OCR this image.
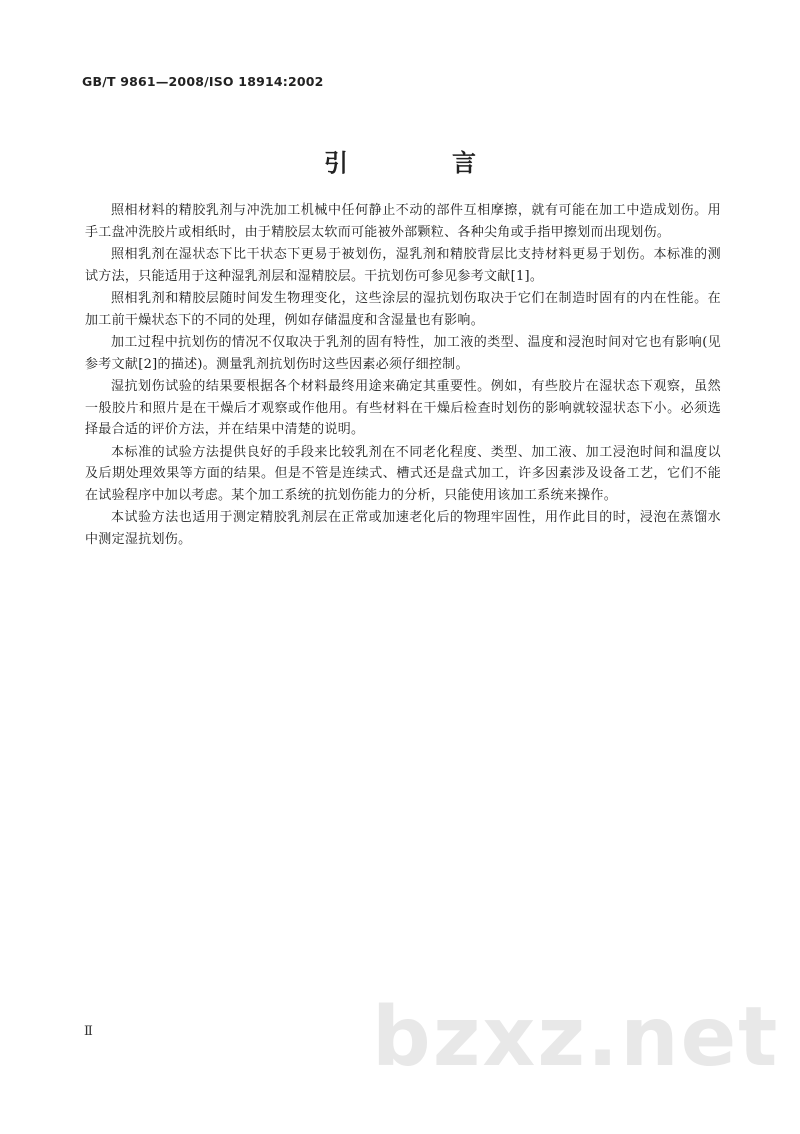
GB/T 9861—2008/ISO 18914:2002
引　言

照相材料的精胶乳剂与冲洗加工机械中任何静止不动的部件互相摩擦，就有可能在加工中造成划伤。用手工盘冲洗胶片或相纸时，由于精胶层太软而可能被外部颗粒、各种尖角或手指甲擦划而出现划伤。

照相乳剂在湿状态下比干状态下更易于被划伤，湿乳剂和精胶背层比支持材料更易于划伤。本标准的测试方法，只能适用于这种湿乳剂层和湿精胶层。干抗划伤可参见参考文献[1]。

照相乳剂和精胶层随时间发生物理变化，这些涂层的湿抗划伤取决于它们在制造时固有的内在性能。在加工前干燥状态下的不同的处理，例如存储温度和含湿量也有影响。

加工过程中抗划伤的情况不仅取决于乳剂的固有特性，加工液的类型、温度和浸泡时间对它也有影响(见参考文献[2]的描述)。测量乳剂抗划伤时这些因素必须仔细控制。

湿抗划伤试验的结果要根据各个材料最终用途来确定其重要性。例如，有些胶片在湿状态下观察，虽然一般胶片和照片是在干燥后才观察或作他用。有些材料在干燥后检查时划伤的影响就较湿状态下小。必须选择最合适的评价方法，并在结果中清楚的说明。

本标准的试验方法提供良好的手段来比较乳剂在不同老化程度、类型、加工液、加工浸泡时间和温度以及后期处理效果等方面的结果。但是不管是连续式、槽式还是盘式加工，许多因素涉及设备工艺，它们不能在试验程序中加以考虑。某个加工系统的抗划伤能力的分析，只能使用该加工系统来操作。

本试验方法也适用于测定精胶乳剂层在正常或加速老化后的物理牢固性，用作此目的时，浸泡在蒸馏水中测定湿抗划伤。

bzxz.net
Ⅱ
